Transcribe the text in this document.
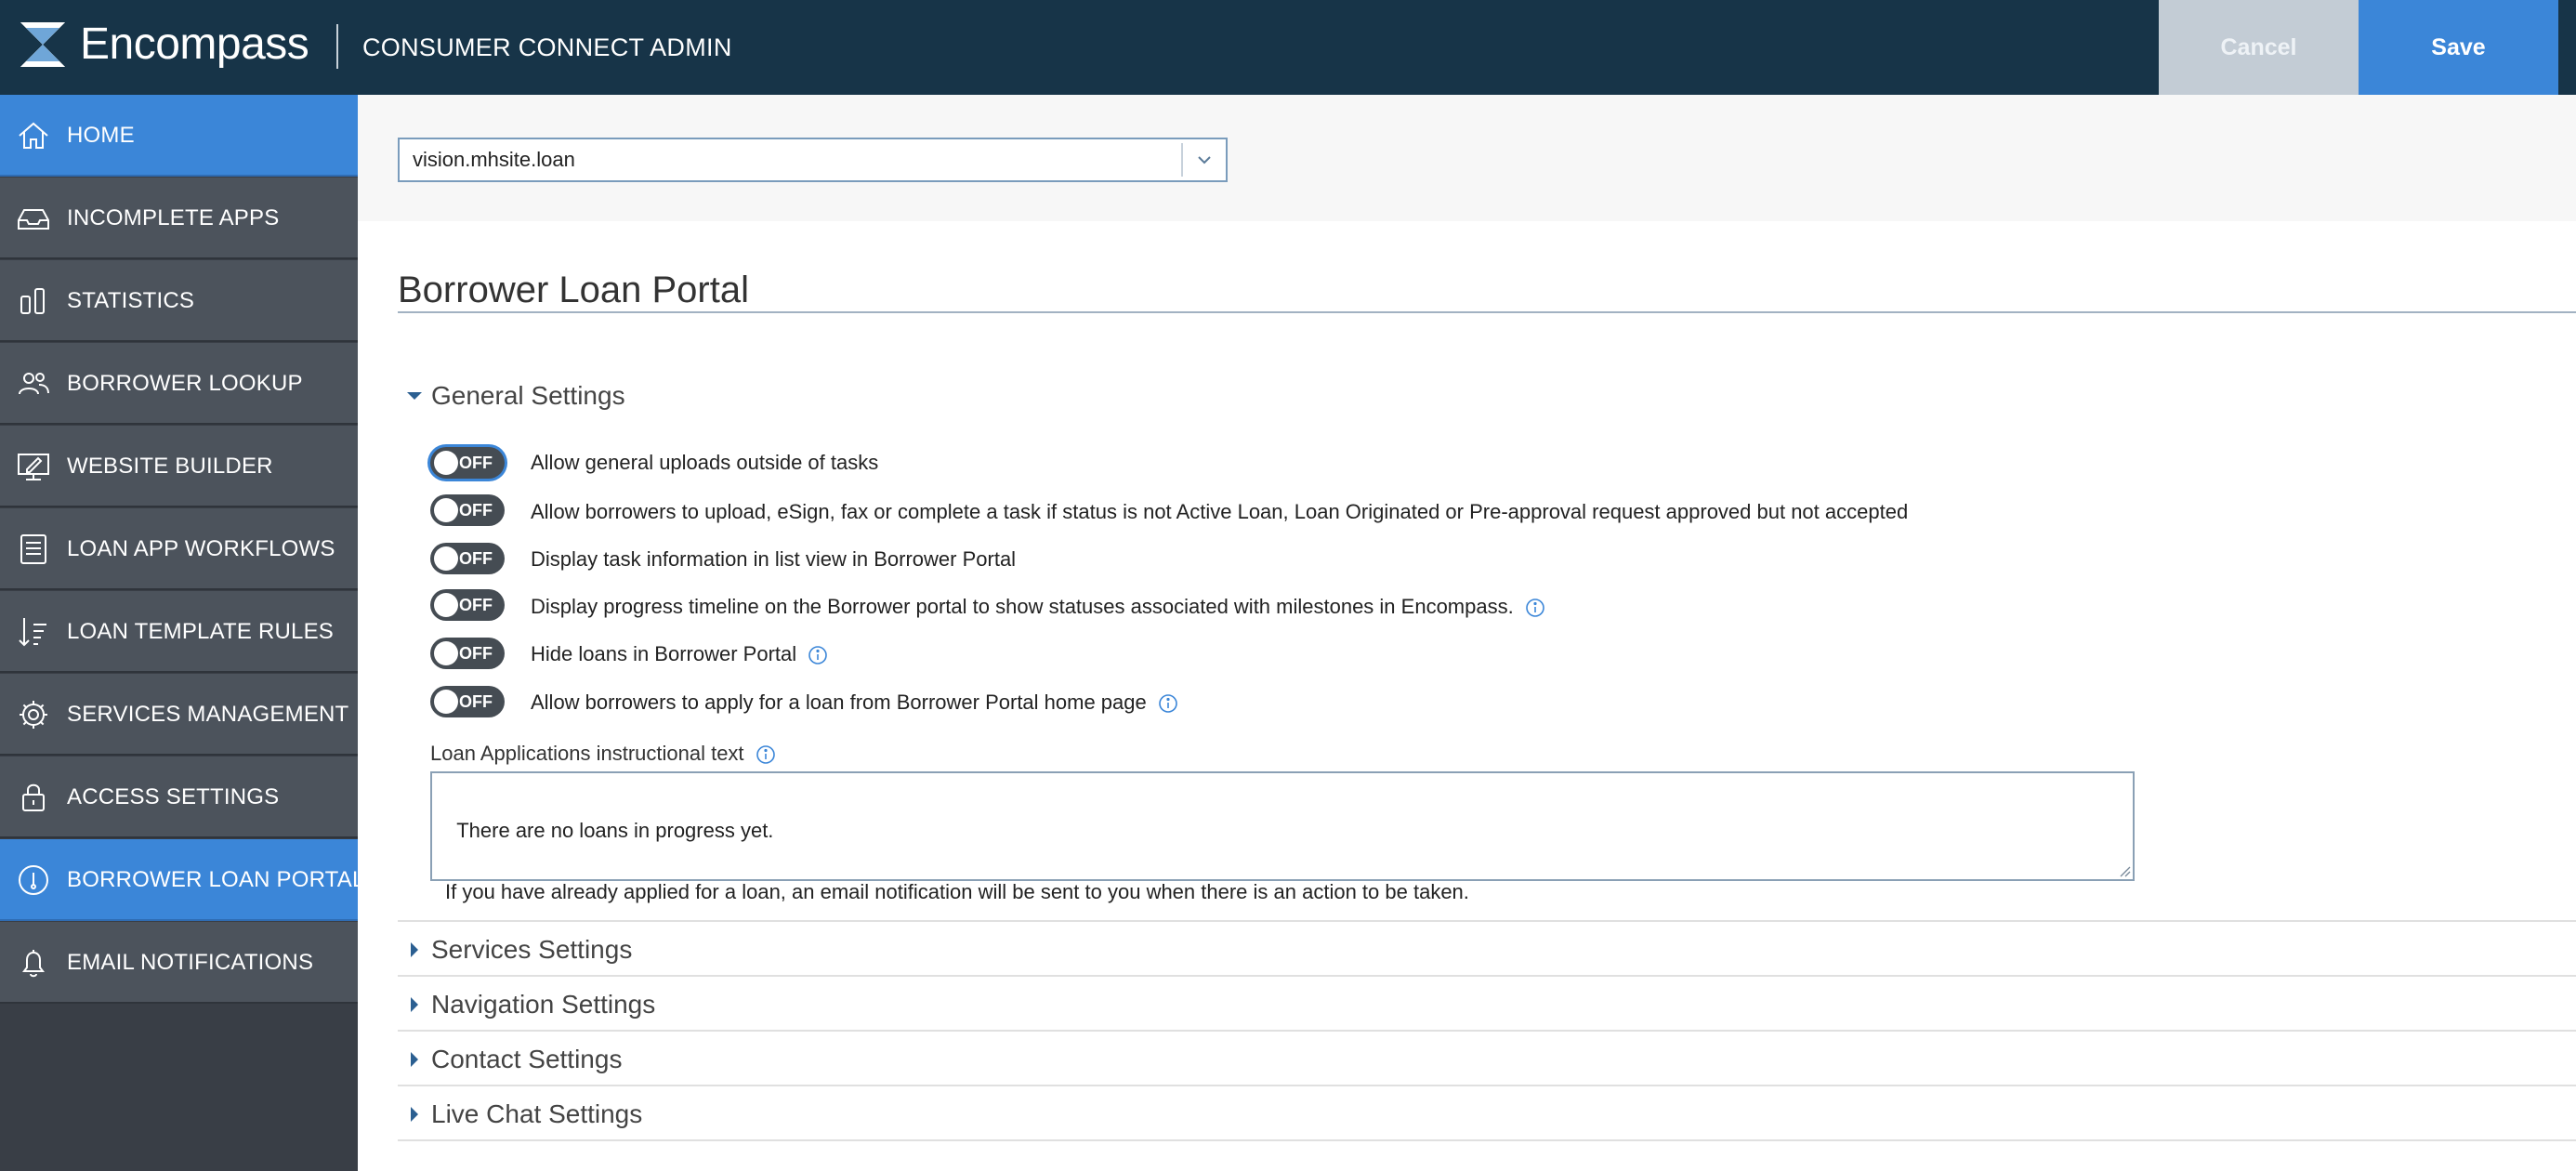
Encompass CONSUMER CONNECT ADMIN	Cancel	Save
HOME
INCOMPLETE APPS
STATISTICS
BORROWER LOOKUP
WEBSITE BUILDER
LOAN APP WORKFLOWS
LOAN TEMPLATE RULES
SERVICES MANAGEMENT
ACCESS SETTINGS
BORROWER LOAN PORTAL
EMAIL NOTIFICATIONS
vision.mhsite.loan
Borrower Loan Portal
General Settings
OFF Allow general uploads outside of tasks
OFF Allow borrowers to upload, eSign, fax or complete a task if status is not Active Loan, Loan Originated or Pre-approval request approved but not accepted
OFF Display task information in list view in Borrower Portal
OFF Display progress timeline on the Borrower portal to show statuses associated with milestones in Encompass.
OFF Hide loans in Borrower Portal
OFF Allow borrowers to apply for a loan from Borrower Portal home page
Loan Applications instructional text

There are no loans in progress yet.

If you have already applied for a loan, an email notification will be sent to you when there is an action to be taken.

Services Settings
Navigation Settings
Contact Settings
Live Chat Settings
